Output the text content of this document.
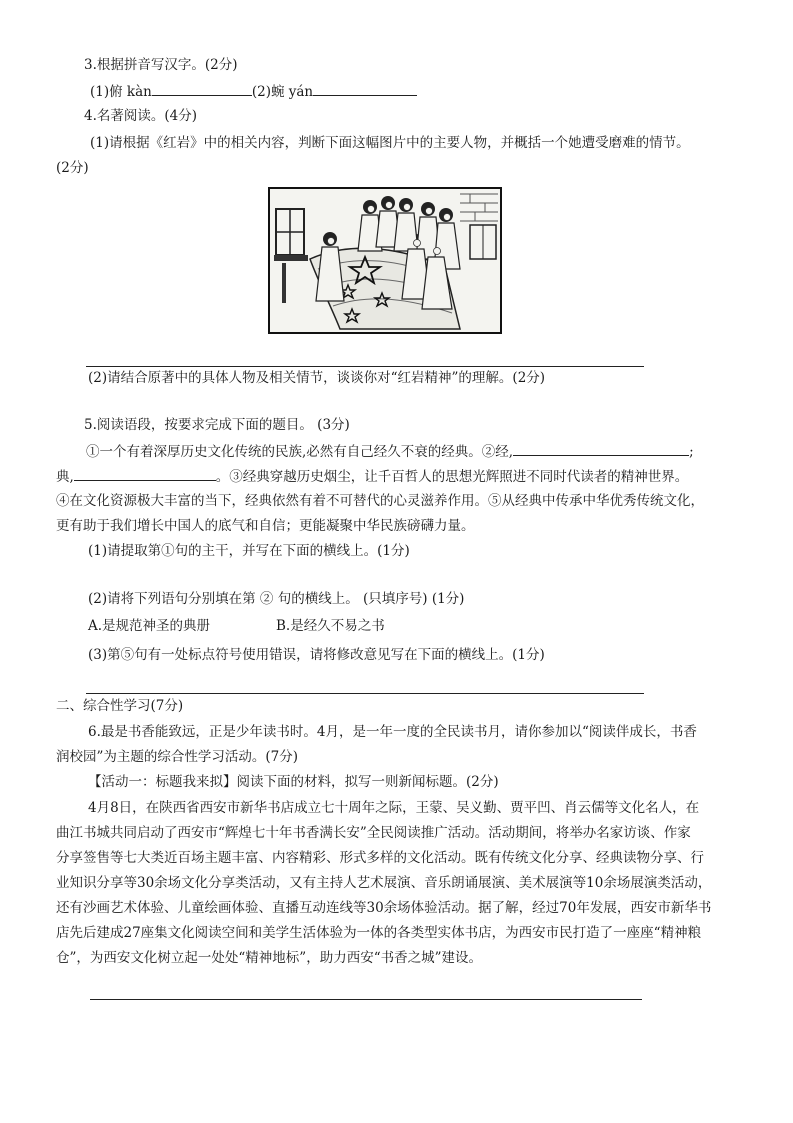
3.根据拼音写汉字。(2分)
(1)俯 kàn	(2)蜿 yán
4.名著阅读。(4分)
(1)请根据《红岩》中的相关内容，判断下面这幅图片中的主要人物，并概括一个她遭受磨难的情节。
(2分)
(2)请结合原著中的具体人物及相关情节，谈谈你对“红岩精神”的理解。(2分)
5.阅读语段，按要求完成下面的题目。 (3分)
①一个有着深厚历史文化传统的民族,必然有自己经久不衰的经典。②经,	;
典,	。③经典穿越历史烟尘，让千百哲人的思想光辉照进不同时代读者的精神世界。
④在文化资源极大丰富的当下，经典依然有着不可替代的心灵滋养作用。⑤从经典中传承中华优秀传统文化，
更有助于我们增长中国人的底气和自信；更能凝聚中华民族磅礴力量。
(1)请提取第①句的主干，并写在下面的横线上。(1分)
(2)请将下列语句分别填在第 ② 句的横线上。 (只填序号) (1分)
A.是规范神圣的典册	B.是经久不易之书
(3)第⑤句有一处标点符号使用错误，请将修改意见写在下面的横线上。(1分)
二、综合性学习(7分)
6.最是书香能致远，正是少年读书时。4月，是一年一度的全民读书月，请你参加以“阅读伴成长，书香
润校园”为主题的综合性学习活动。(7分)
【活动一：标题我来拟】阅读下面的材料，拟写一则新闻标题。(2分)
4月8日，在陕西省西安市新华书店成立七十周年之际，王蒙、吴义勤、贾平凹、肖云儒等文化名人，在
曲江书城共同启动了西安市“辉煌七十年书香满长安”全民阅读推广活动。活动期间，将举办名家访谈、作家
分享签售等七大类近百场主题丰富、内容精彩、形式多样的文化活动。既有传统文化分享、经典读物分享、行
业知识分享等30余场文化分享类活动，又有主持人艺术展演、音乐朗诵展演、美术展演等10余场展演类活动，
还有沙画艺术体验、儿童绘画体验、直播互动连线等30余场体验活动。据了解，经过70年发展，西安市新华书
店先后建成27座集文化阅读空间和美学生活体验为一体的各类型实体书店，为西安市民打造了一座座“精神粮
仓”，为西安文化树立起一处处“精神地标”，助力西安“书香之城”建设。
